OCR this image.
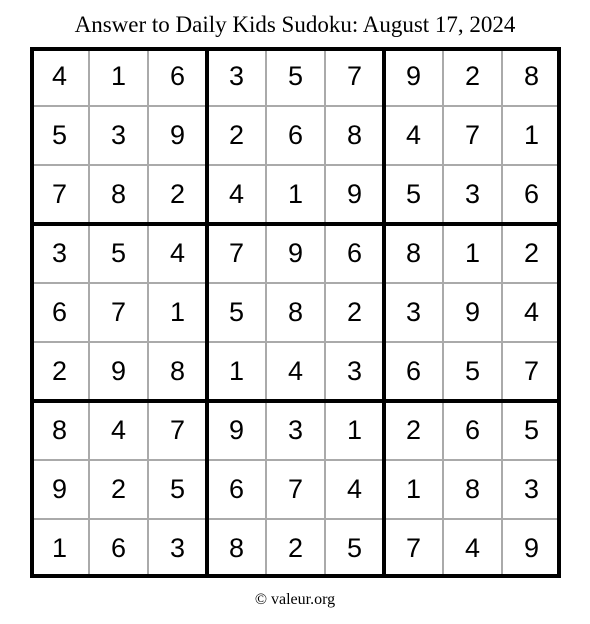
Answer to Daily Kids Sudoku: August 17, 2024
4	1	6	3	5	7	9	2	8
5	3	9	2	6	8	4	7	1
7	8	2	4	1	9	5	3	6
3	5	4	7	9	6	8	1	2
6	7	1	5	8	2	3	9	4
2	9	8	1	4	3	6	5	7
8	4	7	9	3	1	2	6	5
9	2	5	6	7	4	1	8	3
1	6	3	8	2	5	7	4	9
© valeur.org
